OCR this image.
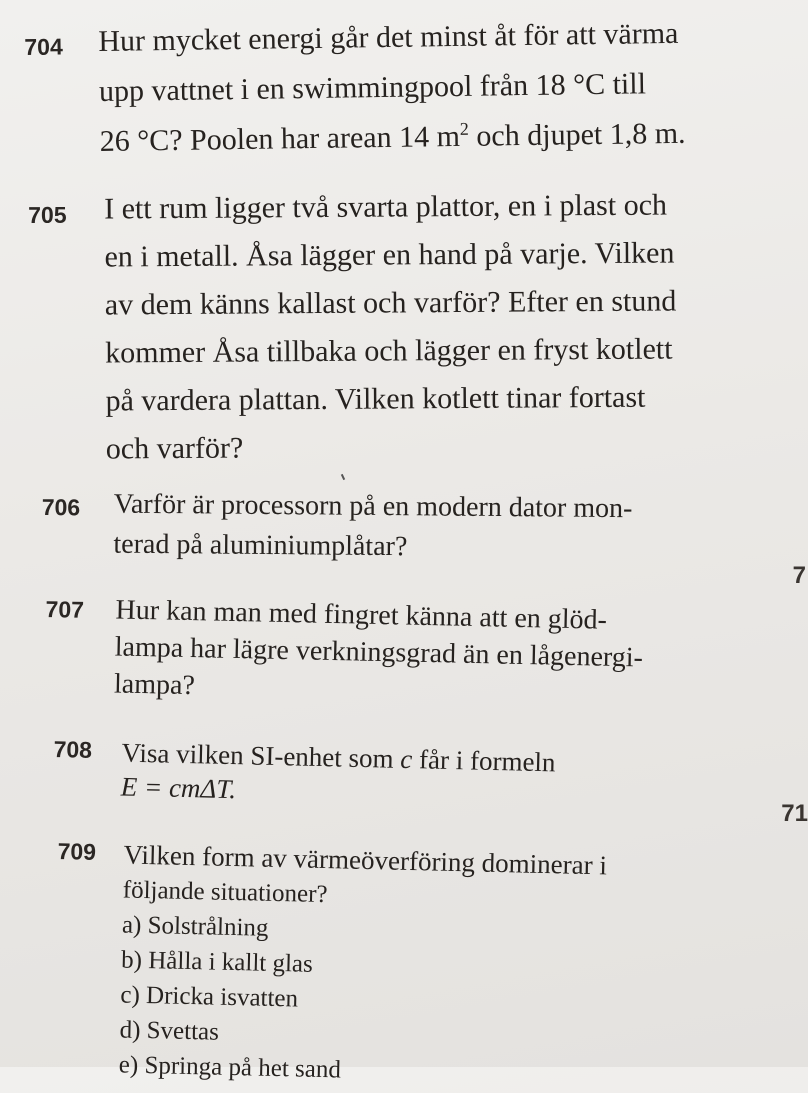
704 Hur mycket energi går det minst åt för att värma
upp vattnet i en swimmingpool från 18 °C till
26 °C? Poolen har arean 14 $m^2$ och djupet 1,8 m.
705 I ett rum ligger två svarta plattor, en i plast och
en i metall. Åsa lägger en hand på varje. Vilken
av dem känns kallast och varför? Efter en stund
kommer Åsa tillbaka och lägger en fryst kotlett
på vardera plattan. Vilken kotlett tinar fortast
och varför?
706 Varför är processorn på en modern dator mon-
terad på aluminiumplåtar?
707 Hur kan man med fingret känna att en glöd-
lampa har lägre verkningsgrad än en lågenergi-
lampa?
708 Visa vilken SI-enhet som c får i formeln
E = cmΔT.
709 Vilken form av värmeöverföring dominerar i
följande situationer?
a) Solstrålning
b) Hålla i kallt glas
c) Dricka isvatten
d) Svettas
e) Springa på het sand
7
71
